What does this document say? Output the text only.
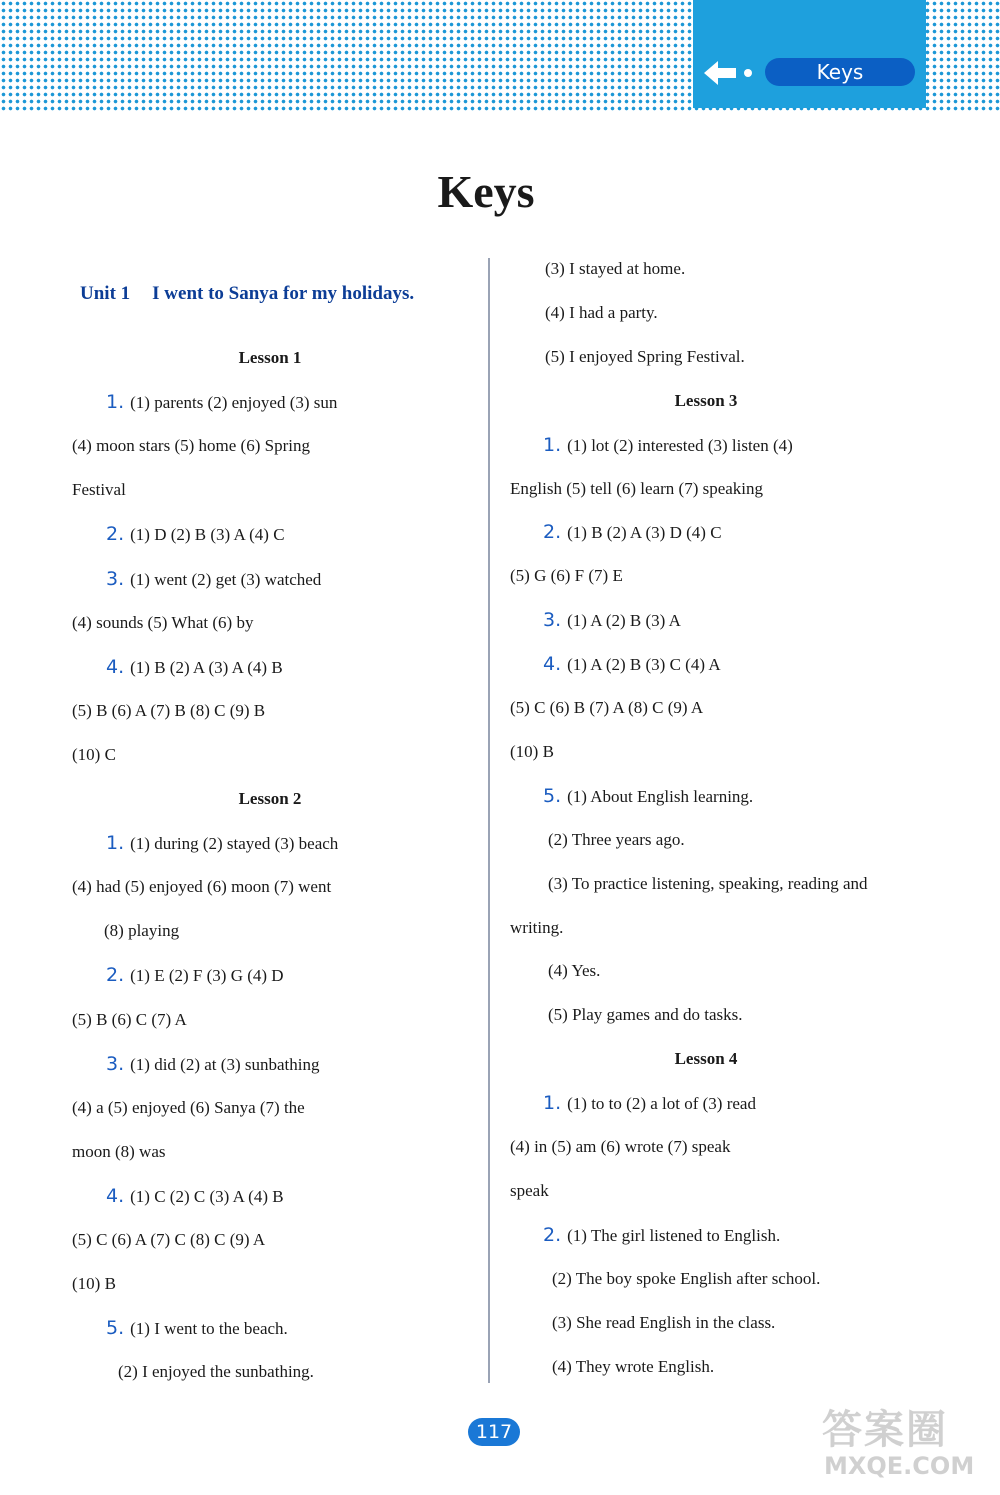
Keys
Keys
Unit 1 I went to Sanya for my holidays.
Lesson 1
1. (1) parents (2) enjoyed (3) sun
(4) moon stars (5) home (6) Spring
Festival
2. (1) D (2) B (3) A (4) C
3. (1) went (2) get (3) watched
(4) sounds (5) What (6) by
4. (1) B (2) A (3) A (4) B
(5) B (6) A (7) B (8) C (9) B
(10) C
Lesson 2
1. (1) during (2) stayed (3) beach
(4) had (5) enjoyed (6) moon (7) went
(8) playing
2. (1) E (2) F (3) G (4) D
(5) B (6) C (7) A
3. (1) did (2) at (3) sunbathing
(4) a (5) enjoyed (6) Sanya (7) the
moon (8) was
4. (1) C (2) C (3) A (4) B
(5) C (6) A (7) C (8) C (9) A
(10) B
5. (1) I went to the beach.
(2) I enjoyed the sunbathing.
(3) I stayed at home.
(4) I had a party.
(5) I enjoyed Spring Festival.
Lesson 3
1. (1) lot (2) interested (3) listen (4)
English (5) tell (6) learn (7) speaking
2. (1) B (2) A (3) D (4) C
(5) G (6) F (7) E
3. (1) A (2) B (3) A
4. (1) A (2) B (3) C (4) A
(5) C (6) B (7) A (8) C (9) A
(10) B
5. (1) About English learning.
(2) Three years ago.
(3) To practice listening, speaking, reading and
writing.
(4) Yes.
(5) Play games and do tasks.
Lesson 4
1. (1) to to (2) a lot of (3) read
(4) in (5) am (6) wrote (7) speak
speak
2. (1) The girl listened to English.
(2) The boy spoke English after school.
(3) She read English in the class.
(4) They wrote English.
117	答案圈
MXQE.COM
